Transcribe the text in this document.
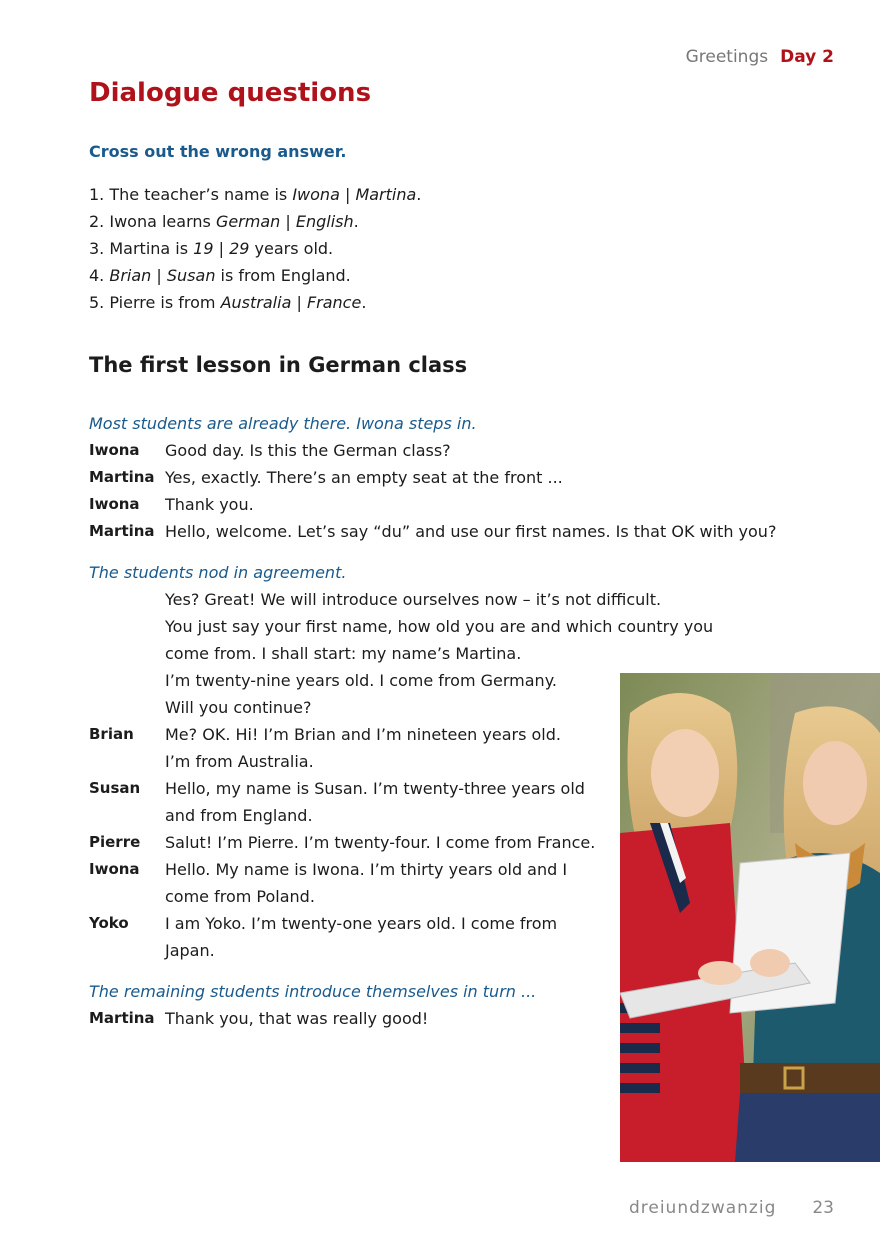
Greetings Day 2
Dialogue questions
Cross out the wrong answer.
1. The teacher’s name is Iwona | Martina.
2. Iwona learns German | English.
3. Martina is 19 | 29 years old.
4. Brian | Susan is from England.
5. Pierre is from Australia | France.
The first lesson in German class
Most students are already there. Iwona steps in.
Iwona	Good day. Is this the German class?
Martina Yes, exactly. There’s an empty seat at the front ...
Iwona	Thank you.
Martina Hello, welcome. Let’s say “du” and use our first names. Is that OK with you?
The students nod in agreement.
Yes? Great! We will introduce ourselves now – it’s not difficult.
You just say your first name, how old you are and which country you come from. I shall start: my name’s Martina.
I’m twenty-nine years old. I come from Germany. Will you continue?
Brian	Me? OK. Hi! I’m Brian and I’m nineteen years old. I’m from Australia.
Susan	Hello, my name is Susan. I’m twenty-three years old and from England.
Pierre	Salut! I’m Pierre. I’m twenty-four. I come from France.
Iwona	Hello. My name is Iwona. I’m thirty years old and I come from Poland.
Yoko	I am Yoko. I’m twenty-one years old. I come from Japan.
The remaining students introduce themselves in turn ...
Martina Thank you, that was really good!
dreiundzwanzig 23
